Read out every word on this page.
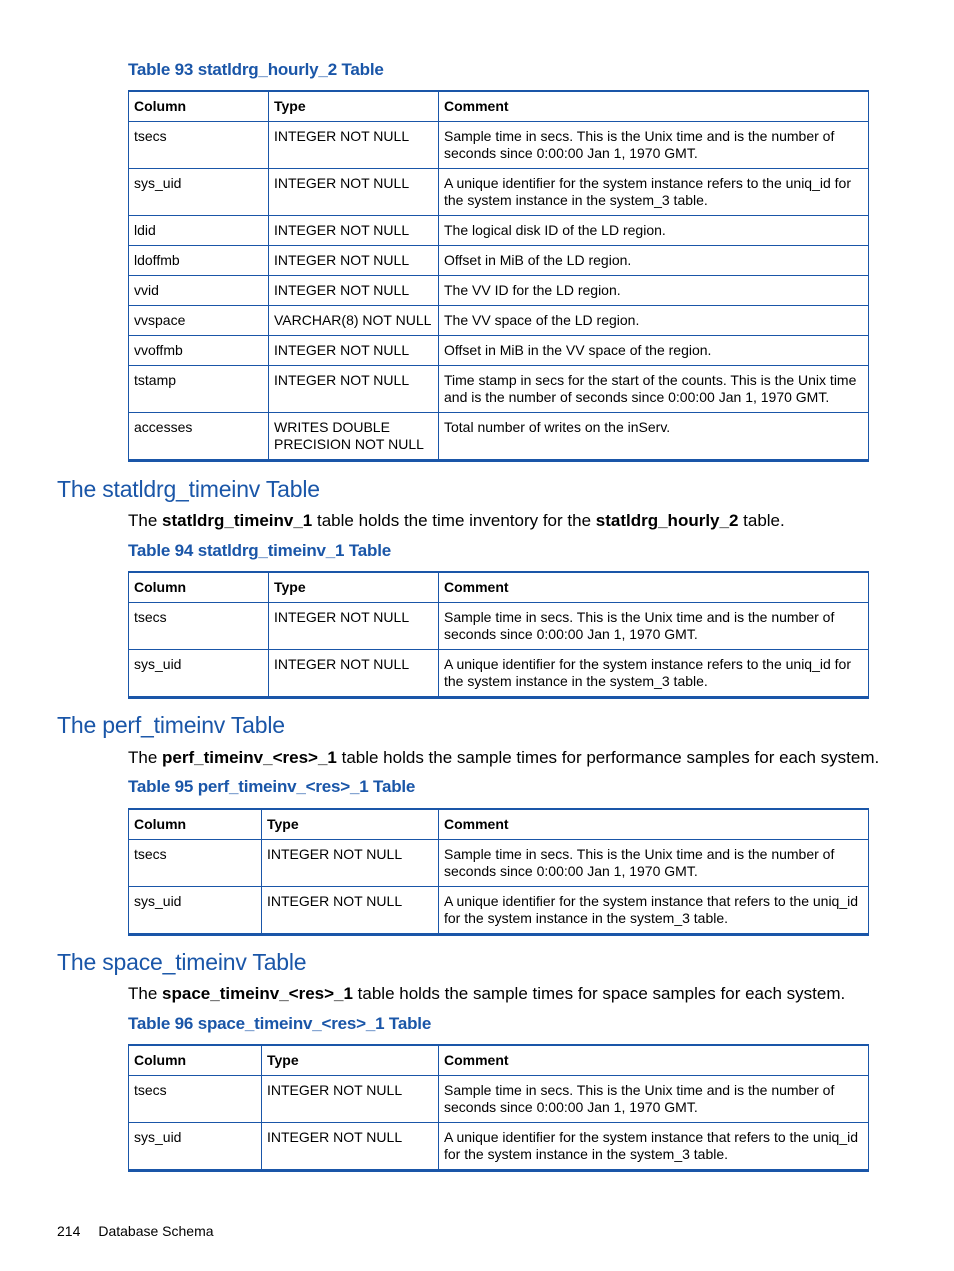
Table 93 statldrg_hourly_2 Table
Column	Type	Comment
tsecs	INTEGER NOT NULL	Sample time in secs. This is the Unix time and is the number of seconds since 0:00:00 Jan 1, 1970 GMT.
sys_uid	INTEGER NOT NULL	A unique identifier for the system instance refers to the uniq_id for the system instance in the system_3 table.
ldid	INTEGER NOT NULL	The logical disk ID of the LD region.
ldoffmb	INTEGER NOT NULL	Offset in MiB of the LD region.
vvid	INTEGER NOT NULL	The VV ID for the LD region.
vvspace	VARCHAR(8) NOT NULL	The VV space of the LD region.
vvoffmb	INTEGER NOT NULL	Offset in MiB in the VV space of the region.
tstamp	INTEGER NOT NULL	Time stamp in secs for the start of the counts. This is the Unix time and is the number of seconds since 0:00:00 Jan 1, 1970 GMT.
accesses	WRITES DOUBLE PRECISION NOT NULL	Total number of writes on the inServ.
The statldrg_timeinv Table
The statldrg_timeinv_1 table holds the time inventory for the statldrg_hourly_2 table.
Table 94 statldrg_timeinv_1 Table
Column	Type	Comment
tsecs	INTEGER NOT NULL	Sample time in secs. This is the Unix time and is the number of seconds since 0:00:00 Jan 1, 1970 GMT.
sys_uid	INTEGER NOT NULL	A unique identifier for the system instance refers to the uniq_id for the system instance in the system_3 table.
The perf_timeinv Table
The perf_timeinv_<res>_1 table holds the sample times for performance samples for each system.
Table 95 perf_timeinv_<res>_1 Table
Column	Type	Comment
tsecs	INTEGER NOT NULL	Sample time in secs. This is the Unix time and is the number of seconds since 0:00:00 Jan 1, 1970 GMT.
sys_uid	INTEGER NOT NULL	A unique identifier for the system instance that refers to the uniq_id for the system instance in the system_3 table.
The space_timeinv Table
The space_timeinv_<res>_1 table holds the sample times for space samples for each system.
Table 96 space_timeinv_<res>_1 Table
Column	Type	Comment
tsecs	INTEGER NOT NULL	Sample time in secs. This is the Unix time and is the number of seconds since 0:00:00 Jan 1, 1970 GMT.
sys_uid	INTEGER NOT NULL	A unique identifier for the system instance that refers to the uniq_id for the system instance in the system_3 table.
214 Database Schema
